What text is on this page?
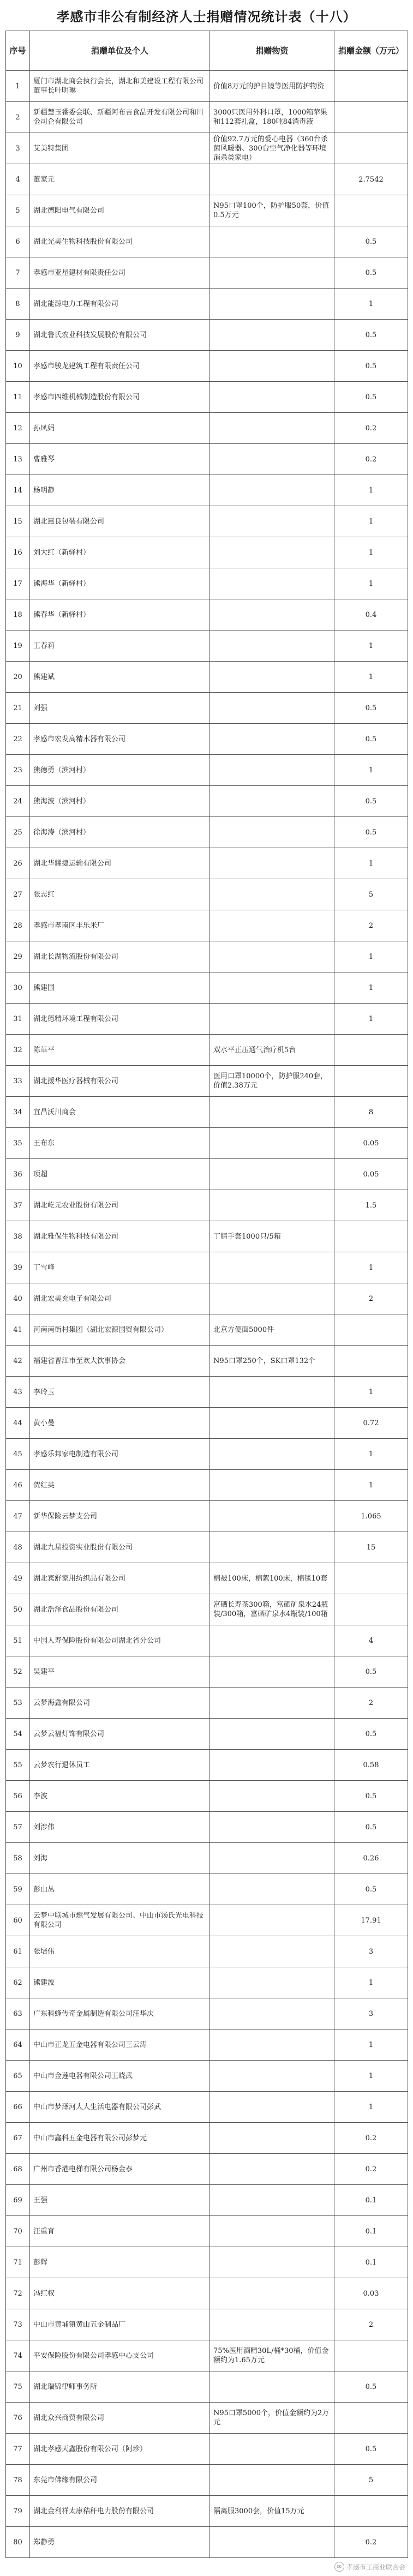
孝感市非公有制经济人士捐赠情况统计表（十八）
序号	捐赠单位及个人	捐赠物资	捐赠金额（万元）
1	厦门市湖北商会执行会长，湖北和美建设工程有限公司董事长叶明琳	价值8万元的护目镜等医用防护物资	
2	新疆慧玉番委会联、新疆阿布吉食品开发有限公司和川金司企有限公司	3000只医用外科口罩，1000箱苹果和112套礼盒，180吨84消毒液	
3	艾美特集团	价值92.7万元的爱心电器（360台杀菌风暖器、300台空气净化器等环境消杀类家电）	
4	董家元		2.7542
5	湖北德阳电气有限公司	N95口罩100个，防护服50套，价值0.5万元	
6	湖北光美生物科技股份有限公司		0.5
7	孝感市亚星建材有限责任公司		0.5
8	湖北能源电力工程有限公司		1
9	湖北鲁氏农业科技发展股份有限公司		0.5
10	孝感市骏龙建筑工程有限责任公司		0.5
11	孝感市四维机械制造股份有限公司		0.5
12	孙凤娟		0.2
13	曹雅琴		0.2
14	杨明静		1
15	湖北惠良包装有限公司		1
16	刘大红（新驿村）		1
17	熊海华（新驿村）		1
18	熊春华（新驿村）		0.4
19	王春莉		1
20	熊建斌		1
21	刘强		0.5
22	孝感市宏发高精木器有限公司		0.5
23	熊德勇（滨河村）		1
24	熊海波（滨河村）		0.5
25	徐海涛（滨河村）		0.5
26	湖北华耀捷运输有限公司		1
27	张志红		5
28	孝感市孝南区丰乐米厂		2
29	湖北长湖物流股份有限公司		1
30	熊建国		1
31	湖北德精环境工程有限公司		1
32	陈革平	双水平正压通气治疗机5台	
33	湖北援华医疗器械有限公司	医用口罩10000个，防护服240套，价值2.38万元	
34	宜昌沃川商会		8
35	王布东		0.05
36	项超		0.05
37	湖北屹元农业股份有限公司		1.5
38	湖北雅保生物科技有限公司	丁腈手套1000只/5箱	
39	丁雪峰		1
40	湖北宏美充电子有限公司		2
41	河南南街村集团（湖北宏源国贸有限公司）	北京方便面5000件	
42	福建省晋江市至欢大饮事协会	N95口罩250个，SK口罩132个	
43	李玲玉		1
44	黄小曼		0.72
45	孝感乐邦家电制造有限公司		1
46	贺红英		1
47	新华保险云梦支公司		1.065
48	湖北九星投资实业股份有限公司		15
49	湖北宾舒家用纺织品有限公司	棉被100床，棉絮100床，棉毯10套	
50	湖北浩泽食品股份有限公司	富硒长寿茶300箱，富硒矿泉水24瓶装/300箱，富硒矿泉水4瓶装/100箱	
51	中国人寿保险股份有限公司湖北省分公司		4
52	吴建平		0.5
53	云梦海鑫有限公司		2
54	云梦云福灯饰有限公司		0.5
55	云梦农行退休员工		0.58
56	李波		0.5
57	刘涉伟		0.5
58	刘海		0.26
59	彭山丛		0.5
60	云梦中联城市燃气发展有限公司、中山市汤氏光电科技有限公司		17.91
61	张培伟		3
62	熊建波		1
63	广东科蜂传奇金属制造有限公司汪华庆		3
64	中山市正龙五金电器有限公司王云涛		1
65	中山市金莲电器有限公司王晓武		1
66	中山市梦泽河大大生活电器有限公司彭武		1
67	中山市鑫科五金电器有限公司彭梦元		0.2
68	广州市香港电梯有限公司杨金泰		0.2
69	王强		0.1
70	汪重育		0.1
71	彭辉		0.1
72	冯红权		0.03
73	中山市黄埔镇黄山五金制品厂		2
74	平安保险股份有限公司孝感中心支公司	75%医用酒精30L/桶*30桶，价值金额约为1.65万元	
75	湖北瑞锦律师事务所		0.5
76	湖北众兴商贸有限公司	N95口罩5000个，价值金额约为2万元	
77	湖北孝感天鑫股份有限公司（阿珍）		0.5
78	东莞市佛缘有限公司		5
79	湖北金利祥太康秸秆电力股份有限公司	隔离服3000套，价值15万元	
80	郑静勇		0.2
✉ 孝感市工商业联合会
